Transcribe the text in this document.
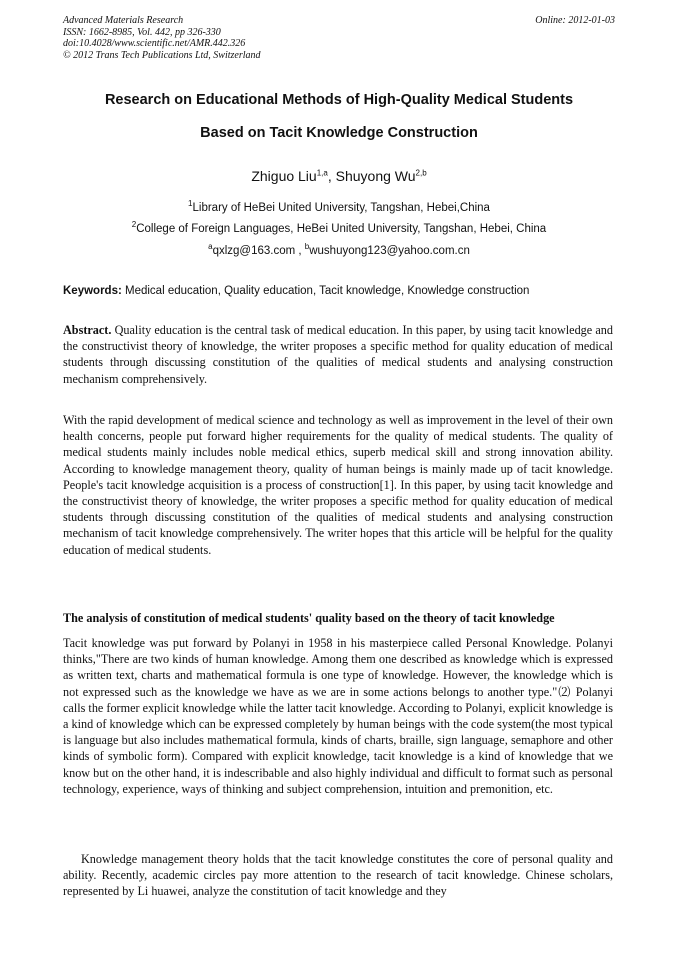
Advanced Materials Research
ISSN: 1662-8985, Vol. 442, pp 326-330
doi:10.4028/www.scientific.net/AMR.442.326
© 2012 Trans Tech Publications Ltd, Switzerland
Online: 2012-01-03
Research on Educational Methods of High-Quality Medical Students
Based on Tacit Knowledge Construction
Zhiguo Liu$^{1,a}$, Shuyong Wu$^{2,b}$
$^1$Library of HeBei United University, Tangshan, Hebei,China
$^2$College of Foreign Languages, HeBei United University, Tangshan, Hebei, China
$^a$qxlzg@163.com , $^b$wushuyong123@yahoo.com.cn
Keywords: Medical education, Quality education, Tacit knowledge, Knowledge construction

Abstract. Quality education is the central task of medical education. In this paper, by using tacit knowledge and the constructivist theory of knowledge, the writer proposes a specific method for quality education of medical students through discussing constitution of the qualities of medical students and analysing construction mechanism comprehensively.

With the rapid development of medical science and technology as well as improvement in the level of their own health concerns, people put forward higher requirements for the quality of medical students. The quality of medical students mainly includes noble medical ethics, superb medical skill and strong innovation ability. According to knowledge management theory, quality of human beings is mainly made up of tacit knowledge. People's tacit knowledge acquisition is a process of construction[1]. In this paper, by using tacit knowledge and the constructivist theory of knowledge, the writer proposes a specific method for quality education of medical students through discussing constitution of the qualities of medical students and analysing construction mechanism of tacit knowledge comprehensively. The writer hopes that this article will be helpful for the quality education of medical students.

The analysis of constitution of medical students' quality based on the theory of tacit knowledge

Tacit knowledge was put forward by Polanyi in 1958 in his masterpiece called Personal Knowledge. Polanyi thinks,"There are two kinds of human knowledge. Among them one described as knowledge which is expressed as written text, charts and mathematical formula is one type of knowledge. However, the knowledge which is not expressed such as the knowledge we have as we are in some actions belongs to another type."⑵ Polanyi calls the former explicit knowledge while the latter tacit knowledge. According to Polanyi, explicit knowledge is a kind of knowledge which can be expressed completely by human beings with the code system(the most typical is language but also includes mathematical formula, kinds of charts, braille, sign language, semaphore and other kinds of symbolic form). Compared with explicit knowledge, tacit knowledge is a kind of knowledge that we know but on the other hand, it is indescribable and also highly individual and difficult to format such as personal technology, experience, ways of thinking and subject comprehension, intuition and premonition, etc.

Knowledge management theory holds that the tacit knowledge constitutes the core of personal quality and ability. Recently, academic circles pay more attention to the research of tacit knowledge. Chinese scholars, represented by Li huawei, analyze the constitution of tacit knowledge and they
